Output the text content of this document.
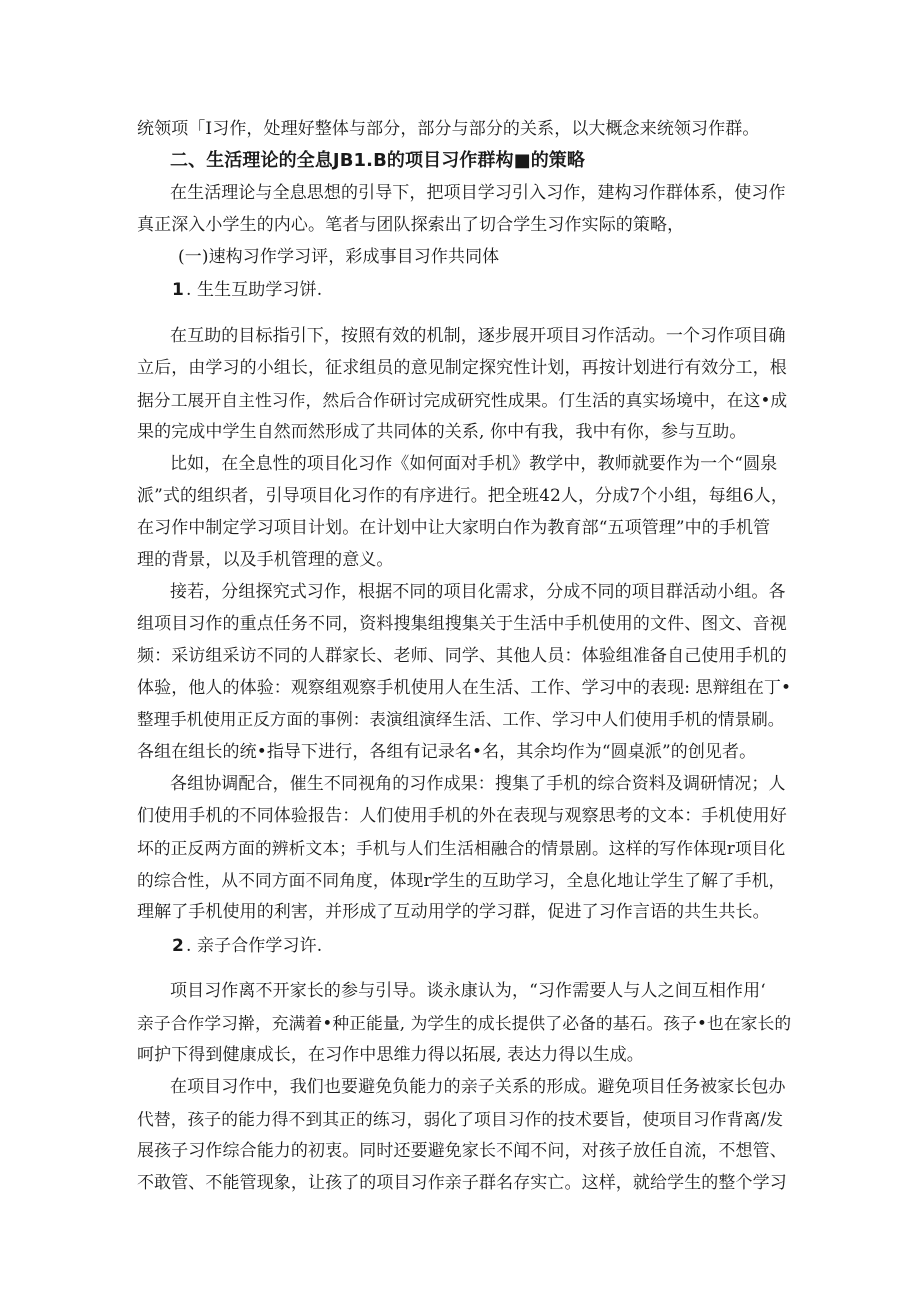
统领项「I习作，处理好整体与部分，部分与部分的关系，以大概念来统领习作群。
二、生活理论的全息JB1.B的项目习作群构■的策略
在生活理论与全息思想的引导下，把项目学习引入习作，建构习作群体系，使习作
真正深入小学生的内心。笔者与团队探索出了切合学生习作实际的策略，
(一)速构习作学习评，彩成事目习作共同体
1 . 生生互助学习饼.
在互助的目标指引下，按照有效的机制，逐步展开项目习作活动。一个习作项目确
立后，由学习的小组长，征求组员的意见制定探究性计划，再按计划进行有效分工，根
据分工展开自主性习作，然后合作研讨完成研究性成果。仃生活的真实场境中，在这•成
果的完成中学生自然而然形成了共同体的关系, 你中有我，我中有你，参与互助。
比如，在全息性的项目化习作《如何面对手机》教学中，教师就要作为一个“圆泉
派”式的组织者，引导项目化习作的有序进行。把全班42人，分成7个小组，每组6人，
在习作中制定学习项目计划。在计划中让大家明白作为教育部“五项管理”中的手机管
理的背景，以及手机管理的意义。
接若，分组探究式习作，根据不同的项目化需求，分成不同的项目群活动小组。各
组项目习作的重点任务不同，资料搜集组搜集关于生活中手机使用的文件、图文、音视
频：采访组采访不同的人群家长、老师、同学、其他人员：体验组准备自己使用手机的
体验，他人的体验：观察组观察手机使用人在生活、工作、学习中的表现: 思辩组在丁•
整理手机使用正反方面的事例：表演组演绎生活、工作、学习中人们使用手机的情景刷。
各组在组长的统•指导下进行，各组有记录名•名，其余均作为“圆桌派”的创见者。
各组协调配合，催生不同视角的习作成果：搜集了手机的综合资料及调研情况；人
们使用手机的不同体验报告：人们使用手机的外在表现与观察思考的文本：手机使用好
坏的正反两方面的辨析文本；手机与人们生活相融合的情景剧。这样的写作体现r项目化
的综合性，从不同方面不同角度，体现r学生的互助学习，全息化地让学生了解了手机，
理解了手机使用的利害，并形成了互动用学的学习群，促进了习作言语的共生共长。
2 . 亲子合作学习许.
项目习作离不开家长的参与引导。谈永康认为，“习作需要人与人之间互相作用‘
亲子合作学习擀，充满着•种正能量, 为学生的成长提供了必备的基石。孩子•也在家长的
呵护下得到健康成长，在习作中思维力得以拓展, 表达力得以生成。
在项目习作中，我们也要避免负能力的亲子关系的形成。避免项目任务被家长包办
代替，孩子的能力得不到其正的练习，弱化了项目习作的技术要旨，使项目习作背离/发
展孩子习作综合能力的初衷。同时还要避免家长不闻不问，对孩子放任自流，不想管、
不敢管、不能管现象，让孩了的项目习作亲子群名存实亡。这样，就给学生的整个学习
